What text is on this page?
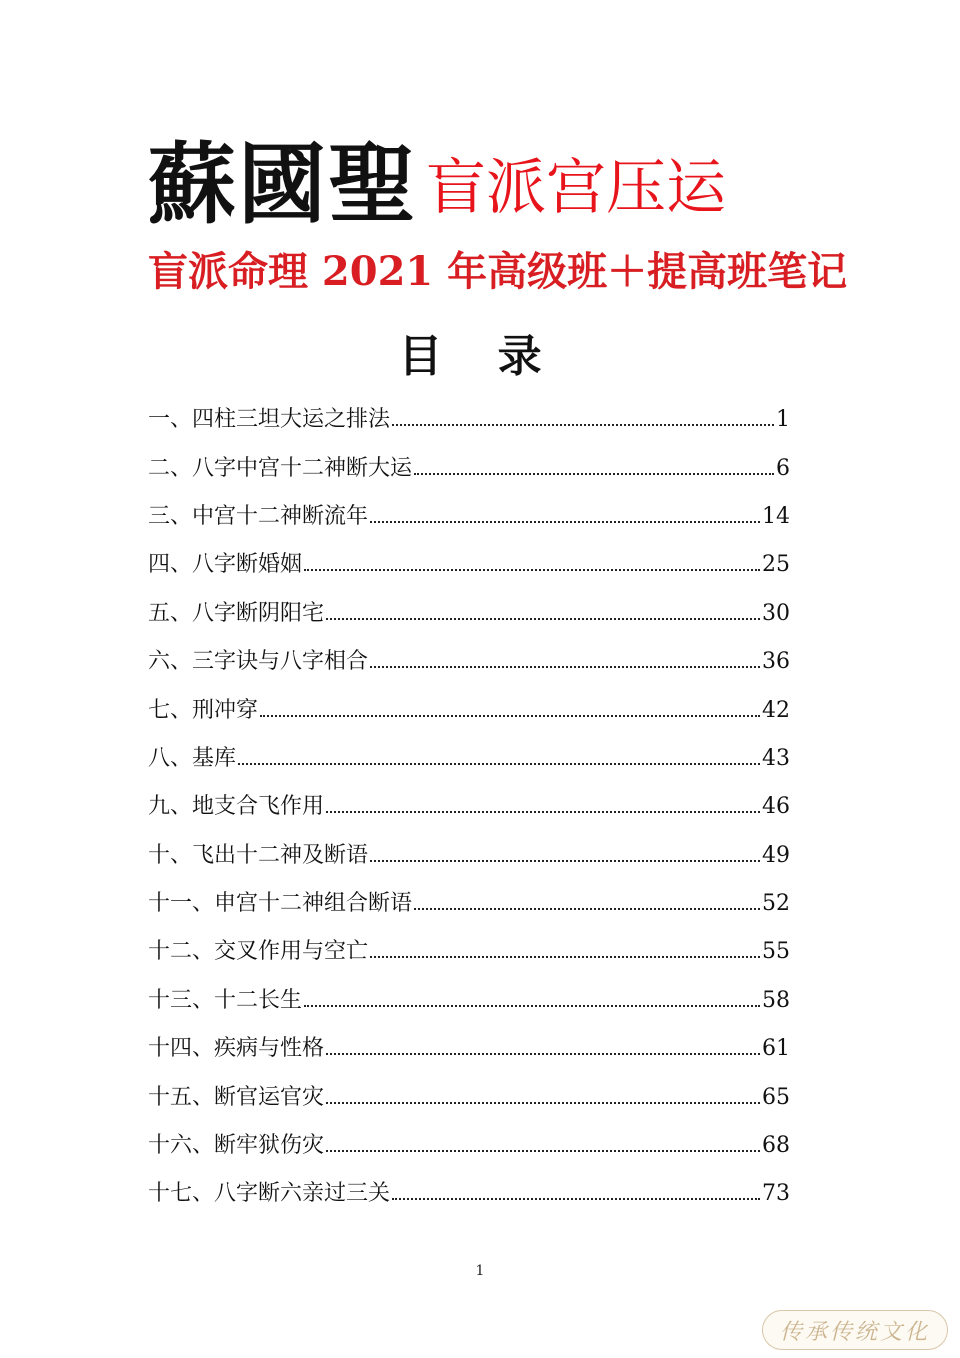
蘇國聖 盲派宫压运
盲派命理 2021 年高级班＋提高班笔记
目 录
一、四柱三坦大运之排法	1
二、八字中宫十二神断大运	6
三、中宫十二神断流年	14
四、八字断婚姻	25
五、八字断阴阳宅	30
六、三字诀与八字相合	36
七、刑冲穿	42
八、基库	43
九、地支合飞作用	46
十、飞出十二神及断语	49
十一、申宫十二神组合断语	52
十二、交叉作用与空亡	55
十三、十二长生	58
十四、疾病与性格	61
十五、断官运官灾	65
十六、断牢狱伤灾	68
十七、八字断六亲过三关	73
1
传承传统文化
